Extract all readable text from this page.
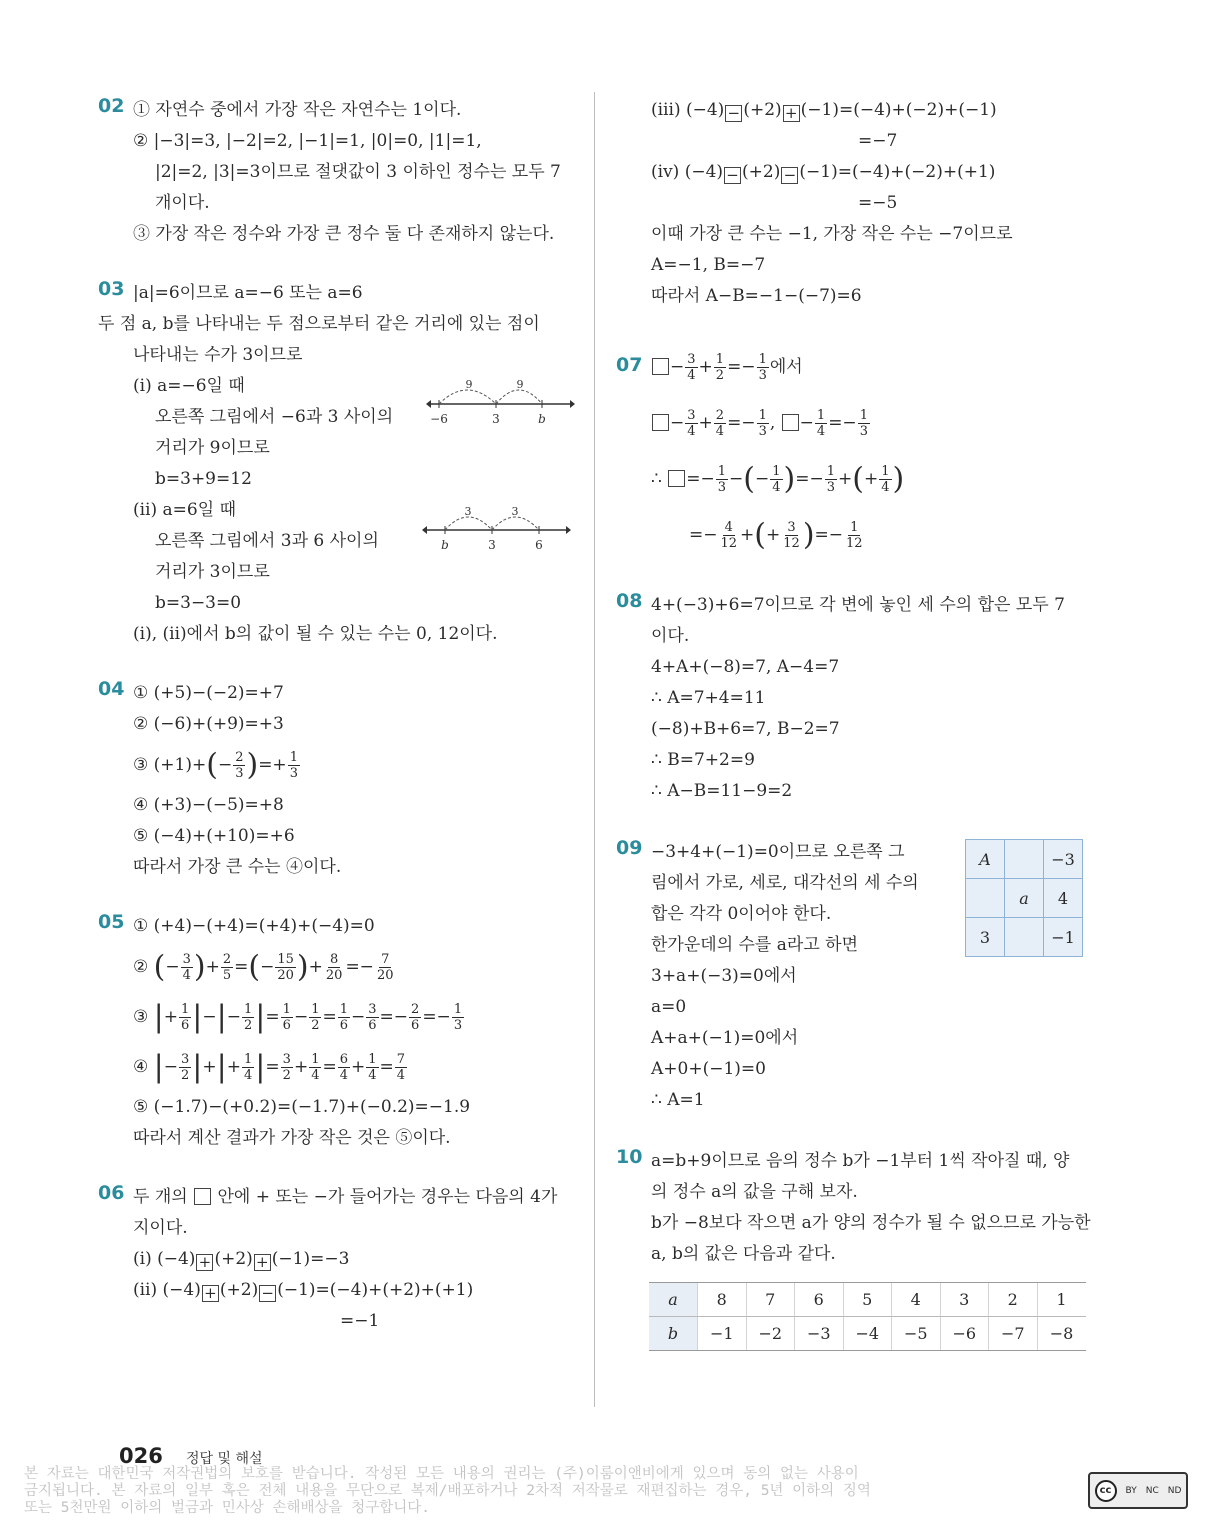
02 ① 자연수 중에서 가장 작은 자연수는 1이다.
② |−3|=3, |−2|=2, |−1|=1, |0|=0, |1|=1,
|2|=2, |3|=3이므로 절댓값이 3 이하인 정수는 모두 7
개이다.
③ 가장 작은 정수와 가장 큰 정수 둘 다 존재하지 않는다.
03 |a|=6이므로 a=−6 또는 a=6
두 점 a, b를 나타내는 두 점으로부터 같은 거리에 있는 점이
나타내는 수가 3이므로
(ⅰ) a=−6일 때
오른쪽 그림에서 −6과 3 사이의
거리가 9이므로
b=3+9=12
(ⅱ) a=6일 때
오른쪽 그림에서 3과 6 사이의
거리가 3이므로
b=3−3=0
(ⅰ), (ⅱ)에서 b의 값이 될 수 있는 수는 0, 12이다.
9	9
−6	3	b
3	3
b	3	6
04 ① (+5)−(−2)=+7
② (−6)+(+9)=+3
③ $(+1)+(- \frac{2}{3}$ )=+ $\frac{1}{3}$
④ (+3)−(−5)=+8
⑤ (−4)+(+10)=+6
따라서 가장 큰 수는 ④이다.
05 ① (+4)−(+4)=(+4)+(−4)=0
② (− $\frac{3}{4}$ )+ $\frac{2}{5}$ =(− $\frac{15}{20}$ )+ $\frac{8}{20} =- \frac{7}{20}$
③ |+ $\frac{1}{6}$ |−|− $\frac{1}{2}$ |= $\frac{1}{6} - \frac{1}{2} = \frac{1}{6} - \frac{3}{6} =- \frac{2}{6} =- \frac{1}{3}$
④ |− $\frac{3}{2}$ |+|+ $\frac{1}{4}$ |= $\frac{3}{2} + \frac{1}{4} = \frac{6}{4} + \frac{1}{4} = \frac{7}{4}$
⑤ (−1.7)−(+0.2)=(−1.7)+(−0.2)=−1.9
따라서 계산 결과가 가장 작은 것은 ⑤이다.
06 두 개의 안에 + 또는 −가 들어가는 경우는 다음의 4가
지이다.
(ⅰ) (−4) + (+2) + (−1)=−3
(ⅱ) (−4) + (+2) − (−1)=(−4)+(+2)+(+1)
=−1
(ⅲ) (−4) − (+2) + (−1)=(−4)+(−2)+(−1)
=−7
(ⅳ) (−4) − (+2) − (−1)=(−4)+(−2)+(+1)
=−5
이때 가장 큰 수는 −1, 가장 작은 수는 −7이므로
A=−1, B=−7
따라서 A−B=−1−(−7)=6
07	− $\frac{3}{4} + \frac{1}{2} =- \frac{1}{3}$ 에서
− $\frac{3}{4} + \frac{2}{4} =- \frac{1}{3}$ , − $\frac{1}{4} =- \frac{1}{3}$
∴ =− $\frac{1}{3}$ −(− $\frac{1}{4}$ )=− $\frac{1}{3}$ +(+ $\frac{1}{4}$ )
=− $\frac{4}{12}$ +(+ $\frac{3}{12}$ )=− $\frac{1}{12}$
08 4+(−3)+6=7이므로 각 변에 놓인 세 수의 합은 모두 7
이다.
4+A+(−8)=7, A−4=7
∴ A=7+4=11
(−8)+B+6=7, B−2=7
∴ B=7+2=9
∴ A−B=11−9=2
09 −3+4+(−1)=0이므로 오른쪽 그
림에서 가로, 세로, 대각선의 세 수의
합은 각각 0이어야 한다.
한가운데의 수를 a라고 하면
3+a+(−3)=0에서
a=0
A+a+(−1)=0에서
A+0+(−1)=0
∴ A=1
A		−3
	a	4
3		−1
10 a=b+9이므로 음의 정수 b가 −1부터 1씩 작아질 때, 양
의 정수 a의 값을 구해 보자.
b가 −8보다 작으면 a가 양의 정수가 될 수 없으므로 가능한
a, b의 값은 다음과 같다.
a	8	7	6	5	4	3	2	1
b	−1	−2	−3	−4	−5	−6	−7	−8
026 정답 및 해설
본 자료는 대한민국 저작권법의 보호를 받습니다. 작성된 모든 내용의 권리는 (주)이룸이앤비에게 있으며 동의 없는 사용이
금지됩니다. 본 자료의 일부 혹은 전체 내용을 무단으로 복제/배포하거나 2차적 저작물로 재편집하는 경우, 5년 이하의 징역
또는 5천만원 이하의 벌금과 민사상 손해배상을 청구합니다.
cc	BY NC ND
